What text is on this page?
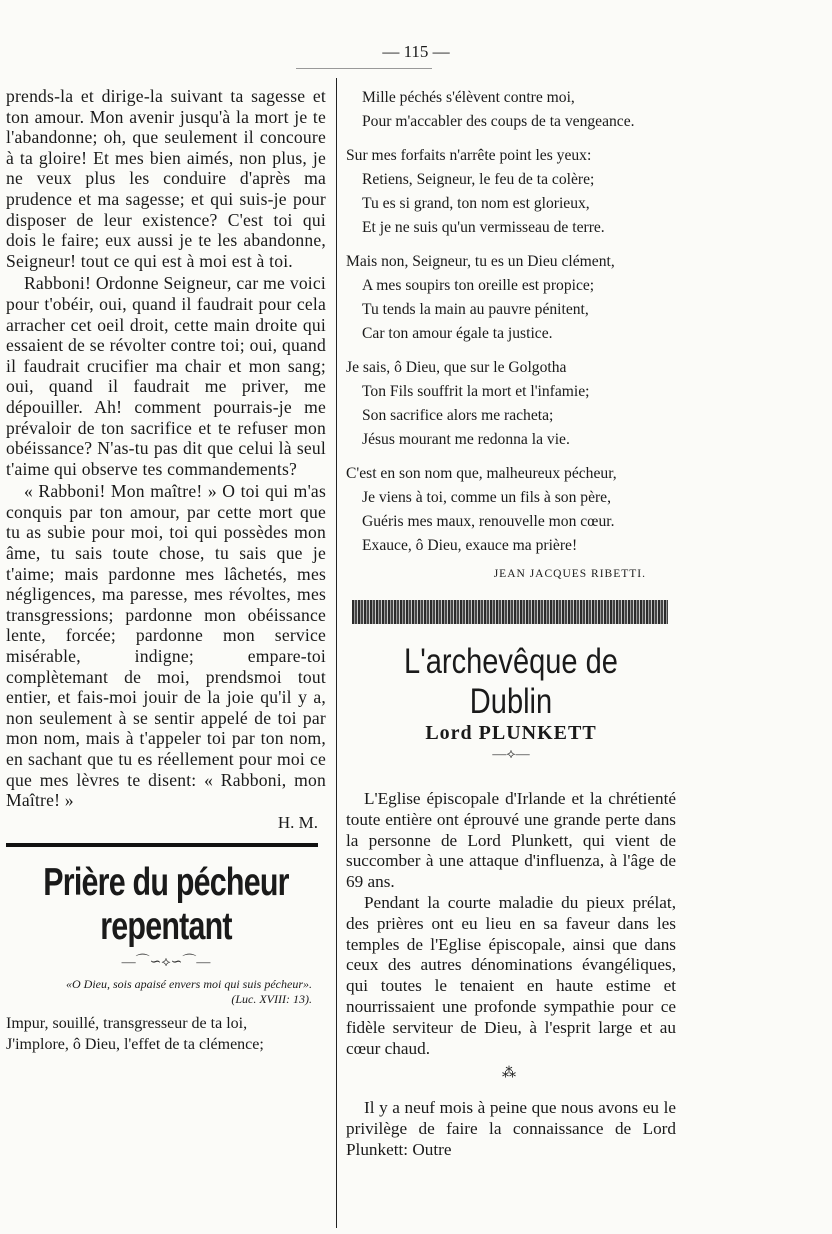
— 115 —

prends-la et dirige-la suivant ta sagesse et ton amour. Mon avenir jusqu'à la mort je te l'abandonne; oh, que seulement il concoure à ta gloire! Et mes bien aimés, non plus, je ne veux plus les conduire d'après ma prudence et ma sagesse; et qui suis-je pour disposer de leur existence? C'est toi qui dois le faire; eux aussi je te les abandonne, Seigneur! tout ce qui est à moi est à toi.

Rabboni! Ordonne Seigneur, car me voici pour t'obéir, oui, quand il faudrait pour cela arracher cet oeil droit, cette main droite qui essaient de se révolter contre toi; oui, quand il faudrait crucifier ma chair et mon sang; oui, quand il faudrait me priver, me dépouiller. Ah! comment pourrais-je me prévaloir de ton sacrifice et te refuser mon obéissance? N'as-tu pas dit que celui là seul t'aime qui observe tes commandements?

« Rabboni! Mon maître! » O toi qui m'as conquis par ton amour, par cette mort que tu as subie pour moi, toi qui possèdes mon âme, tu sais toute chose, tu sais que je t'aime; mais pardonne mes lâchetés, mes négligences, ma paresse, mes révoltes, mes transgressions; pardonne mon obéissance lente, forcée; pardonne mon service misérable, indigne; empare-toi complètemant de moi, prendsmoi tout entier, et fais-moi jouir de la joie qu'il y a, non seulement à se sentir appelé de toi par mon nom, mais à t'appeler toi par ton nom, en sachant que tu es réellement pour moi ce que mes lèvres te disent: « Rabboni, mon Maître! »

H. M.
Prière du pécheur repentant
—⌒∽⟡∽⌒—
«O Dieu, sois apaisé envers moi qui suis pécheur». (Luc. XVIII: 13).
Impur, souillé, transgresseur de ta loi,
J'implore, ô Dieu, l'effet de ta clémence;
Mille péchés s'élèvent contre moi,
Pour m'accabler des coups de ta vengeance.
Sur mes forfaits n'arrête point les yeux:
Retiens, Seigneur, le feu de ta colère;
Tu es si grand, ton nom est glorieux,
Et je ne suis qu'un vermisseau de terre.
Mais non, Seigneur, tu es un Dieu clément,
A mes soupirs ton oreille est propice;
Tu tends la main au pauvre pénitent,
Car ton amour égale ta justice.
Je sais, ô Dieu, que sur le Golgotha
Ton Fils souffrit la mort et l'infamie;
Son sacrifice alors me racheta;
Jésus mourant me redonna la vie.
C'est en son nom que, malheureux pécheur,
Je viens à toi, comme un fils à son père,
Guéris mes maux, renouvelle mon cœur.
Exauce, ô Dieu, exauce ma prière!
JEAN JACQUES RIBETTI.
L'archevêque de Dublin
Lord PLUNKETT
—⟡—

L'Eglise épiscopale d'Irlande et la chrétienté toute entière ont éprouvé une grande perte dans la personne de Lord Plunkett, qui vient de succomber à une attaque d'influenza, à l'âge de 69 ans.

Pendant la courte maladie du pieux prélat, des prières ont eu lieu en sa faveur dans les temples de l'Eglise épiscopale, ainsi que dans ceux des autres dénominations évangéliques, qui toutes le tenaient en haute estime et nourrissaient une profonde sympathie pour ce fidèle serviteur de Dieu, à l'esprit large et au cœur chaud.

⁂

Il y a neuf mois à peine que nous avons eu le privilège de faire la connaissance de Lord Plunkett: Outre
